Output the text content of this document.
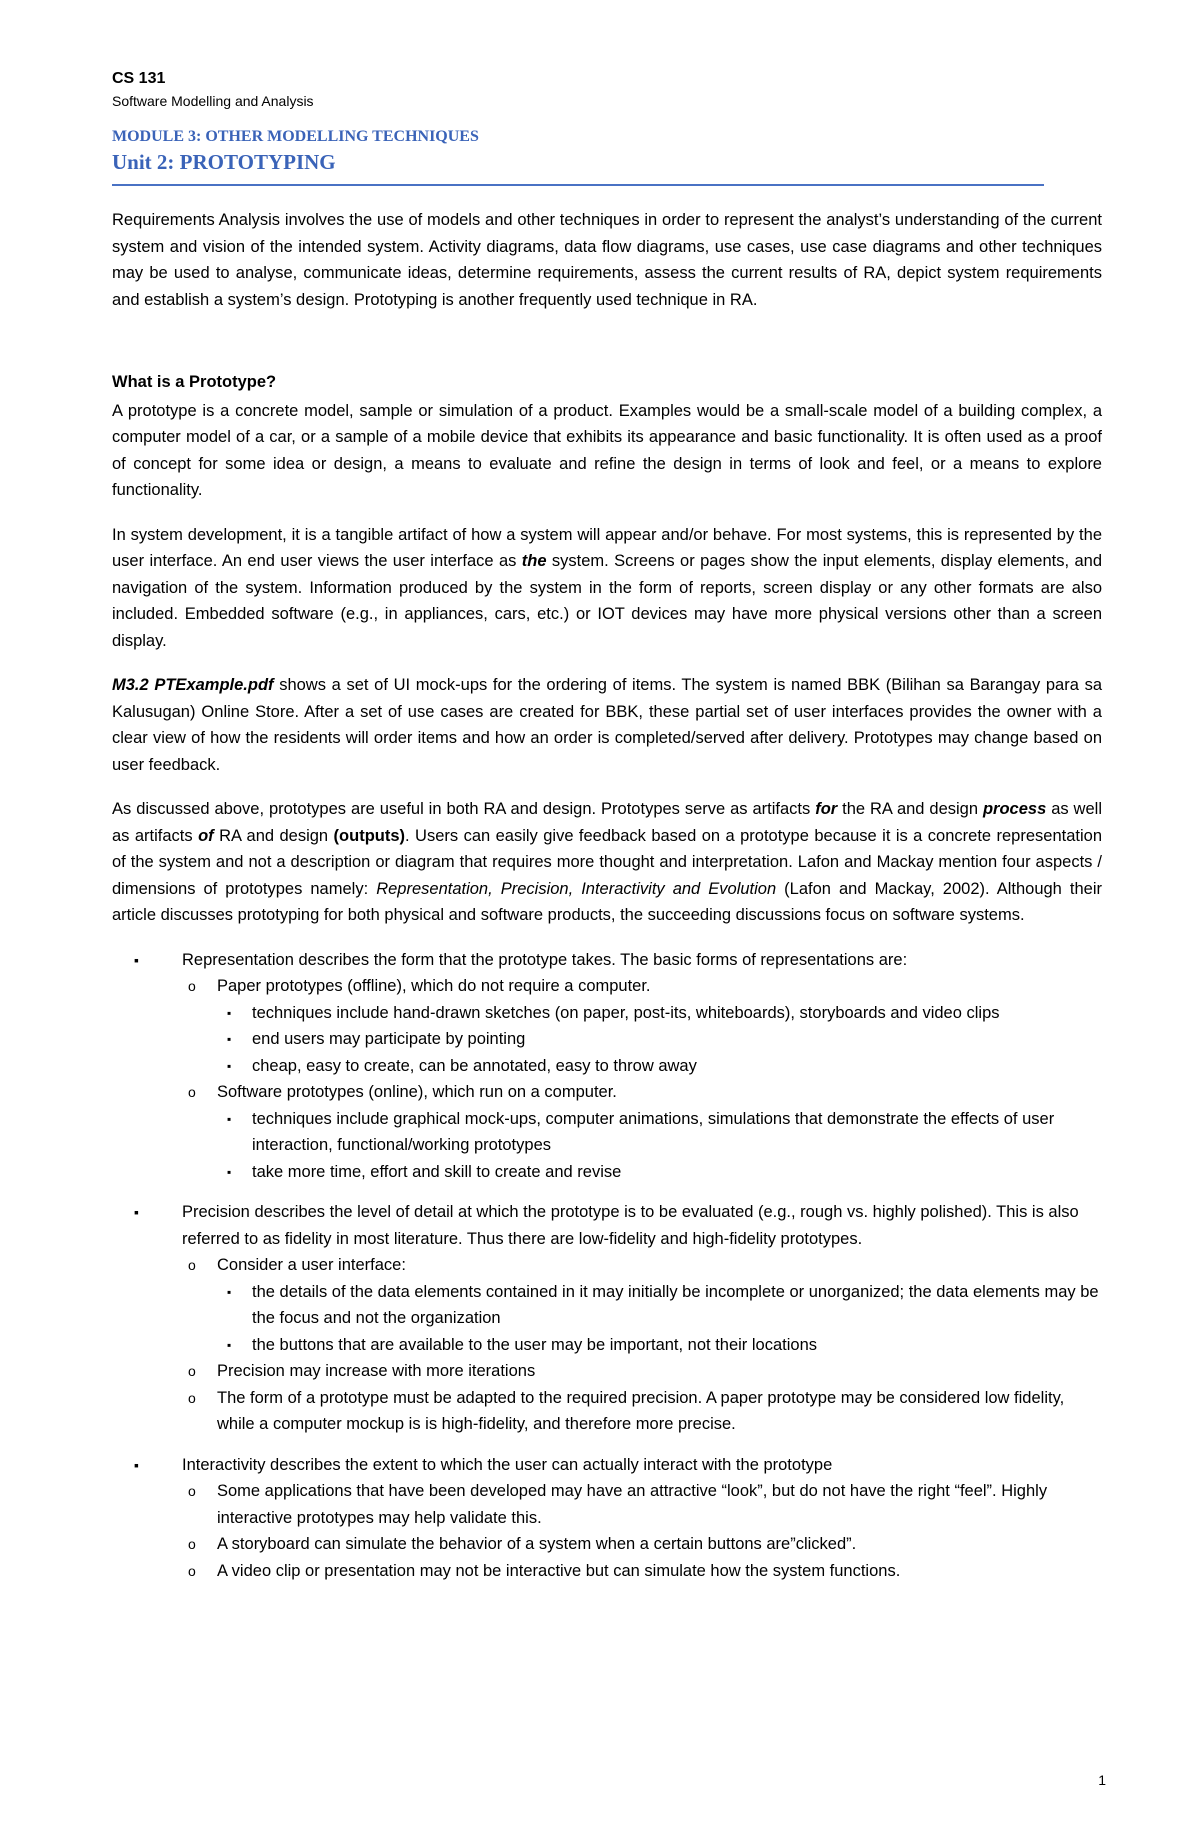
CS 131
Software Modelling and Analysis
MODULE 3: OTHER MODELLING TECHNIQUES
Unit 2: PROTOTYPING

Requirements Analysis involves the use of models and other techniques in order to represent the analyst’s understanding of the current system and vision of the intended system. Activity diagrams, data flow diagrams, use cases, use case diagrams and other techniques may be used to analyse, communicate ideas, determine requirements, assess the current results of RA, depict system requirements and establish a system’s design. Prototyping is another frequently used technique in RA.

What is a Prototype?

A prototype is a concrete model, sample or simulation of a product. Examples would be a small-scale model of a building complex, a computer model of a car, or a sample of a mobile device that exhibits its appearance and basic functionality. It is often used as a proof of concept for some idea or design, a means to evaluate and refine the design in terms of look and feel, or a means to explore functionality.

In system development, it is a tangible artifact of how a system will appear and/or behave. For most systems, this is represented by the user interface. An end user views the user interface as the system. Screens or pages show the input elements, display elements, and navigation of the system. Information produced by the system in the form of reports, screen display or any other formats are also included. Embedded software (e.g., in appliances, cars, etc.) or IOT devices may have more physical versions other than a screen display.

M3.2 PTExample.pdf shows a set of UI mock-ups for the ordering of items. The system is named BBK (Bilihan sa Barangay para sa Kalusugan) Online Store. After a set of use cases are created for BBK, these partial set of user interfaces provides the owner with a clear view of how the residents will order items and how an order is completed/served after delivery. Prototypes may change based on user feedback.

As discussed above, prototypes are useful in both RA and design. Prototypes serve as artifacts for the RA and design process as well as artifacts of RA and design (outputs). Users can easily give feedback based on a prototype because it is a concrete representation of the system and not a description or diagram that requires more thought and interpretation. Lafon and Mackay mention four aspects / dimensions of prototypes namely: Representation, Precision, Interactivity and Evolution (Lafon and Mackay, 2002). Although their article discusses prototyping for both physical and software products, the succeeding discussions focus on software systems.

▪ Representation describes the form that the prototype takes. The basic forms of representations are:
o Paper prototypes (offline), which do not require a computer.
▪ techniques include hand-drawn sketches (on paper, post-its, whiteboards), storyboards and video clips
▪ end users may participate by pointing
▪ cheap, easy to create, can be annotated, easy to throw away
o Software prototypes (online), which run on a computer.
▪ techniques include graphical mock-ups, computer animations, simulations that demonstrate the effects of user interaction, functional/working prototypes
▪ take more time, effort and skill to create and revise
▪ Precision describes the level of detail at which the prototype is to be evaluated (e.g., rough vs. highly polished). This is also referred to as fidelity in most literature. Thus there are low-fidelity and high-fidelity prototypes.
o Consider a user interface:
▪ the details of the data elements contained in it may initially be incomplete or unorganized; the data elements may be the focus and not the organization
▪ the buttons that are available to the user may be important, not their locations
o Precision may increase with more iterations
o The form of a prototype must be adapted to the required precision. A paper prototype may be considered low fidelity, while a computer mockup is is high-fidelity, and therefore more precise.
▪ Interactivity describes the extent to which the user can actually interact with the prototype
o Some applications that have been developed may have an attractive “look”, but do not have the right “feel”. Highly interactive prototypes may help validate this.
o A storyboard can simulate the behavior of a system when a certain buttons are”clicked”.
o A video clip or presentation may not be interactive but can simulate how the system functions.
1
